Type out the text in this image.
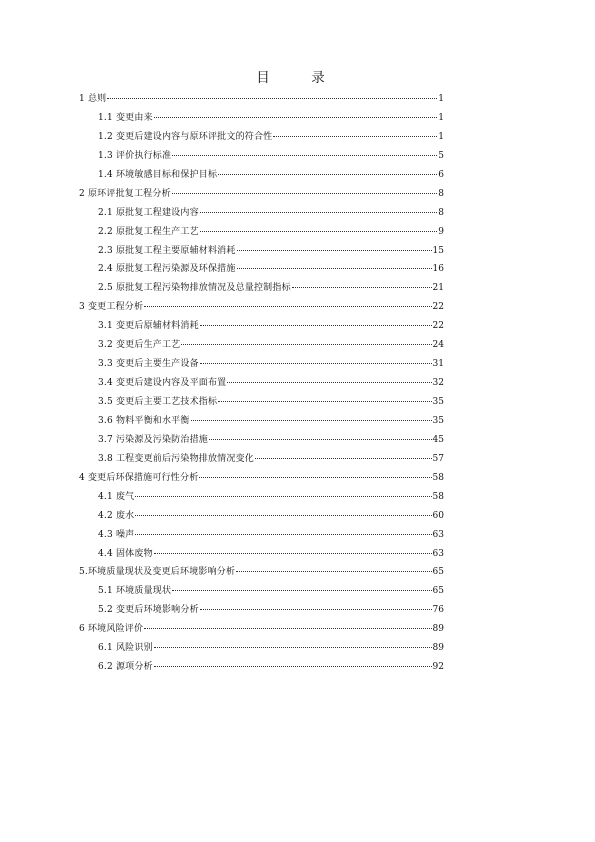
目　录
1 总则	1
1.1 变更由来	1
1.2 变更后建设内容与原环评批文的符合性	1
1.3 评价执行标准	5
1.4 环境敏感目标和保护目标	6
2 原环评批复工程分析	8
2.1 原批复工程建设内容	8
2.2 原批复工程生产工艺	9
2.3 原批复工程主要原辅材料消耗	15
2.4 原批复工程污染源及环保措施	16
2.5 原批复工程污染物排放情况及总量控制指标	21
3 变更工程分析	22
3.1 变更后原辅材料消耗	22
3.2 变更后生产工艺	24
3.3 变更后主要生产设备	31
3.4 变更后建设内容及平面布置	32
3.5 变更后主要工艺技术指标	35
3.6 物料平衡和水平衡	35
3.7 污染源及污染防治措施	45
3.8 工程变更前后污染物排放情况变化	57
4 变更后环保措施可行性分析	58
4.1 废气	58
4.2 废水	60
4.3 噪声	63
4.4 固体废物	63
5.环境质量现状及变更后环境影响分析	65
5.1 环境质量现状	65
5.2 变更后环境影响分析	76
6 环境风险评价	89
6.1 风险识别	89
6.2 源项分析	92
